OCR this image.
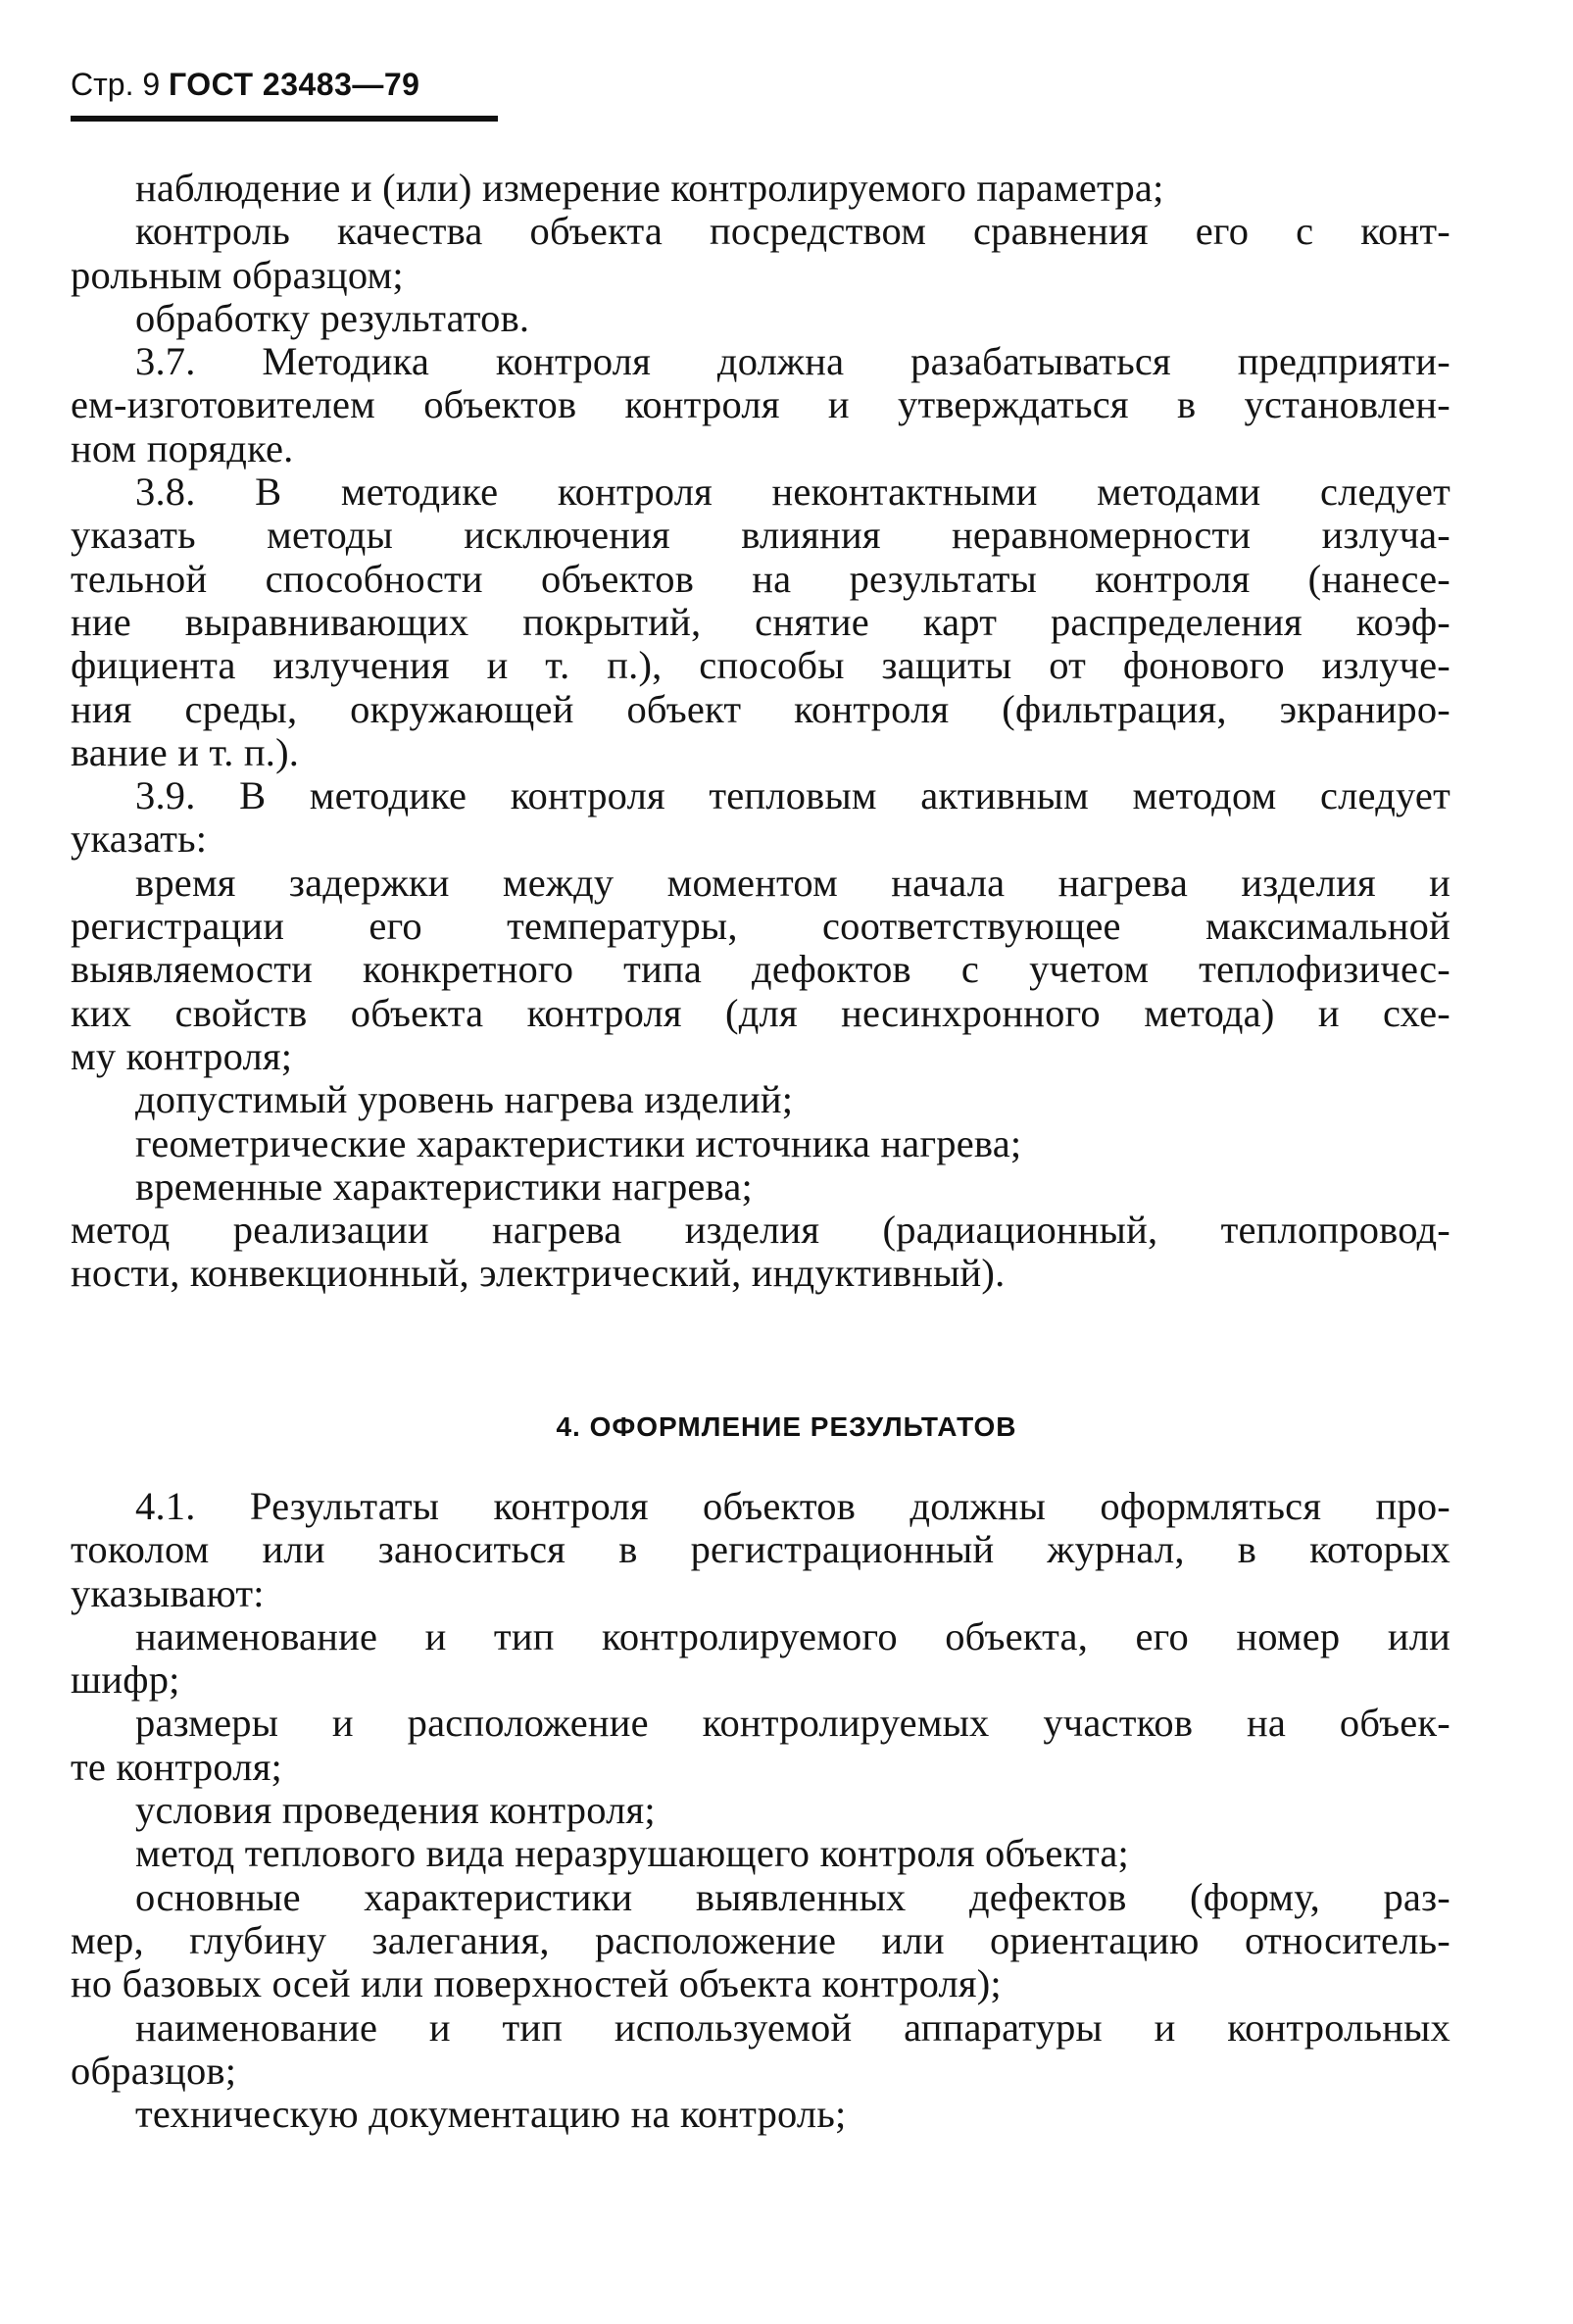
Стр. 9 ГОСТ 23483—79
наблюдение и (или) измерение контролируемого параметра;
контроль качества объекта посредством сравнения его с конт-
рольным образцом;
обработку результатов.
3.7. Методика контроля должна разабатываться предприяти-
ем-изготовителем объектов контроля и утверждаться в установлен-
ном порядке.
3.8. В методике контроля неконтактными методами следует
указать методы исключения влияния неравномерности излуча-
тельной способности объектов на результаты контроля (нанесе-
ние выравнивающих покрытий, снятие карт распределения коэф-
фициента излучения и т. п.), способы защиты от фонового излуче-
ния среды, окружающей объект контроля (фильтрация, экраниро-
вание и т. п.).
3.9. В методике контроля тепловым активным методом следует
указать:
время задержки между моментом начала нагрева изделия и
регистрации его температуры, соответствующее максимальной
выявляемости конкретного типа дефоктов с учетом теплофизичес-
ких свойств объекта контроля (для несинхронного метода) и схе-
му контроля;
допустимый уровень нагрева изделий;
геометрические характеристики источника нагрева;
временные характеристики нагрева;
метод реализации нагрева изделия (радиационный, теплопровод-
ности, конвекционный, электрический, индуктивный).
4. ОФОРМЛЕНИЕ РЕЗУЛЬТАТОВ
4.1. Результаты контроля объектов должны оформляться про-
токолом или заноситься в регистрационный журнал, в которых
указывают:
наименование и тип контролируемого объекта, его номер или
шифр;
размеры и расположение контролируемых участков на объек-
те контроля;
условия проведения контроля;
метод теплового вида неразрушающего контроля объекта;
основные характеристики выявленных дефектов (форму, раз-
мер, глубину залегания, расположение или ориентацию относитель-
но базовых осей или поверхностей объекта контроля);
наименование и тип используемой аппаратуры и контрольных
образцов;
техническую документацию на контроль;
